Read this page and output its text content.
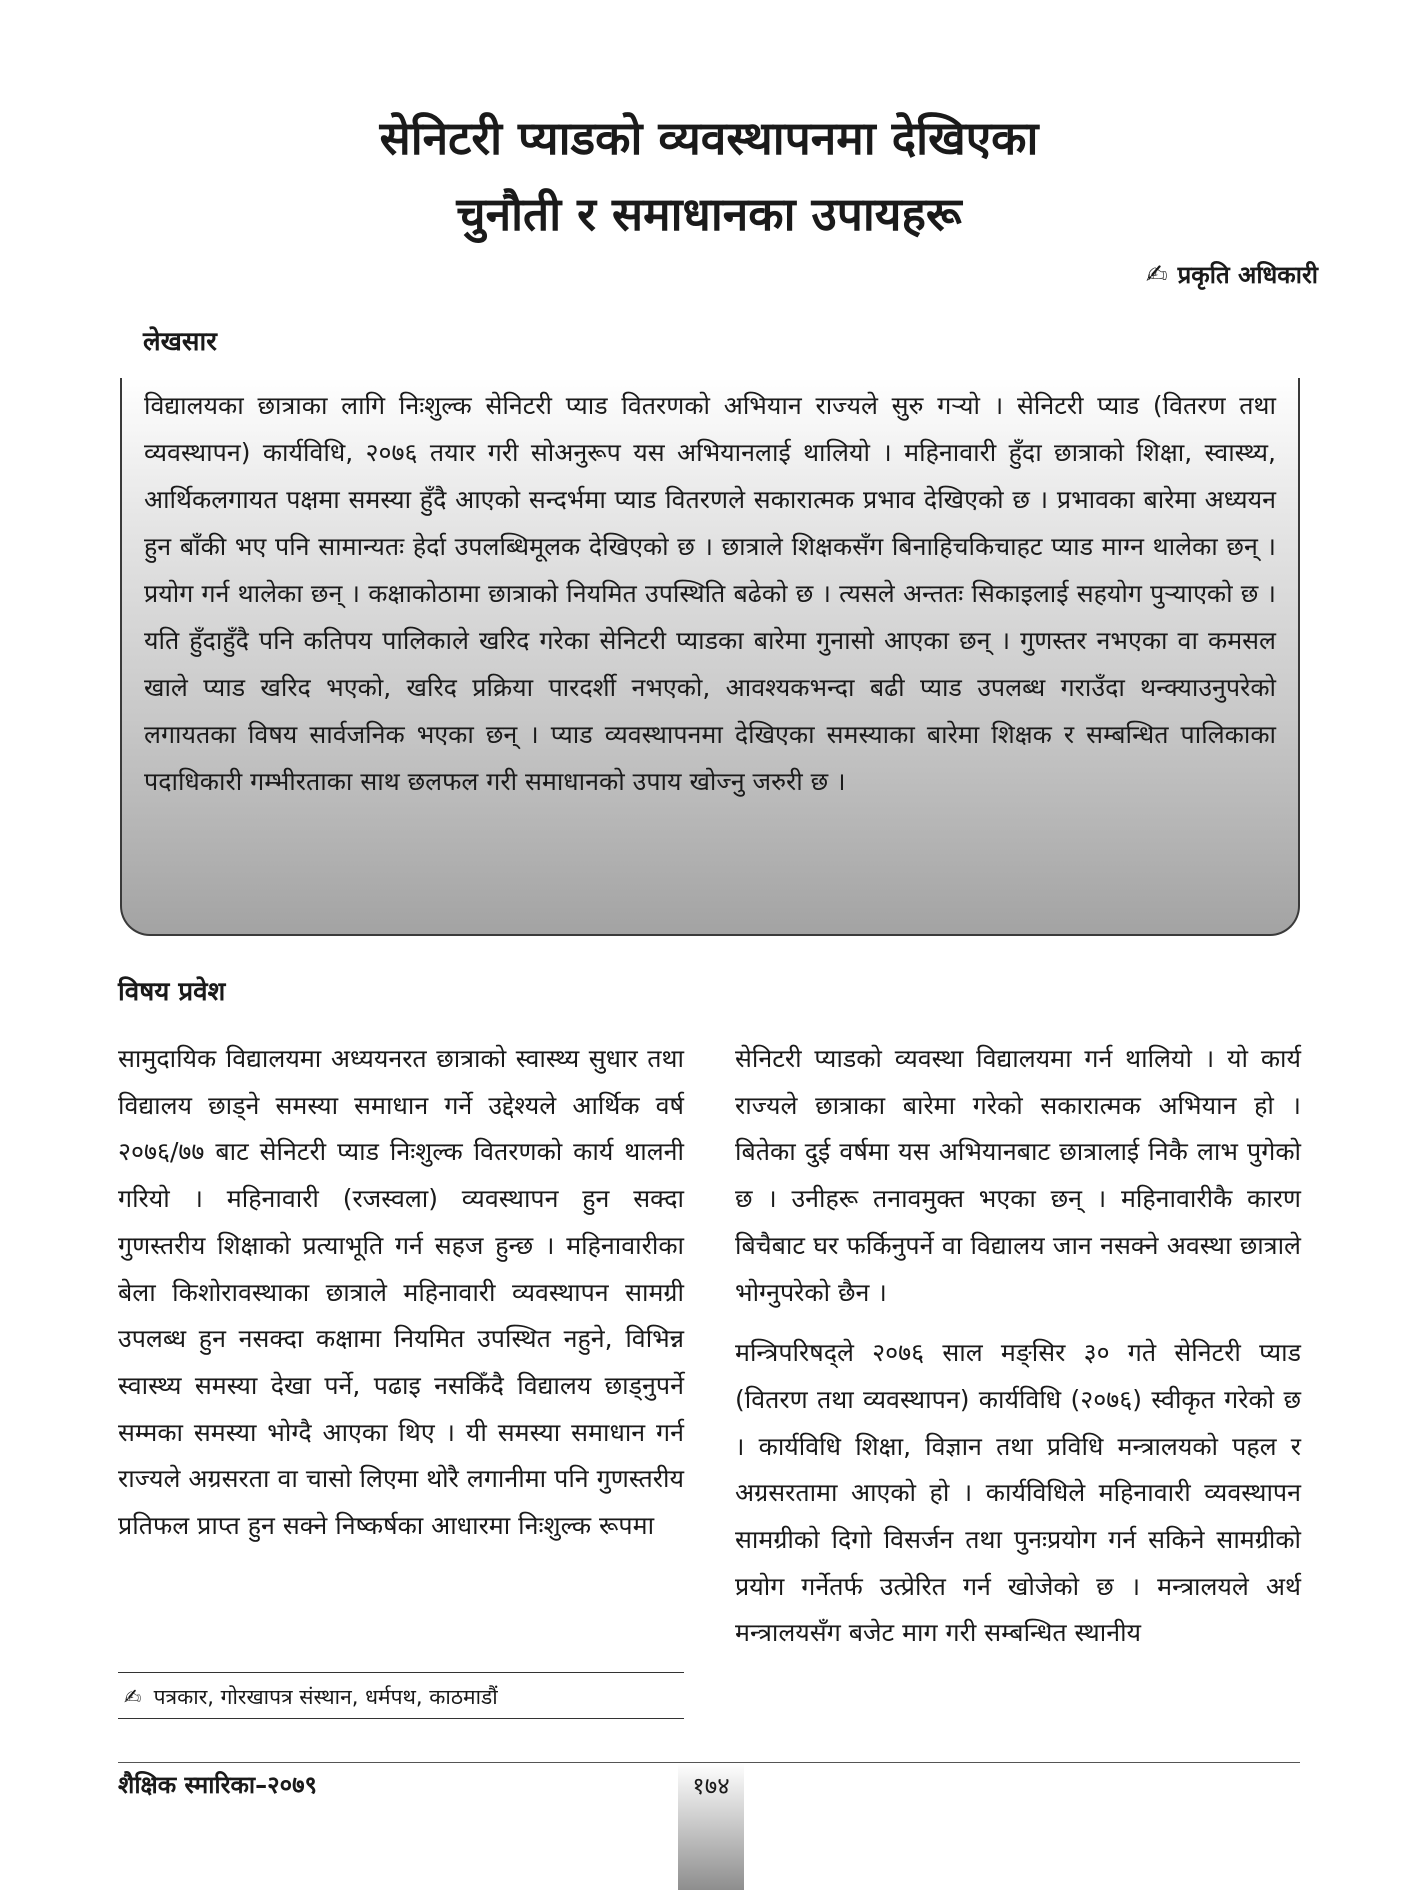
सेनिटरी प्याडको व्यवस्थापनमा देखिएका
चुनौती र समाधानका उपायहरू
✍ प्रकृति अधिकारी
लेखसार

विद्यालयका छात्राका लागि निःशुल्क सेनिटरी प्याड वितरणको अभियान राज्यले सुरु गर्‍यो । सेनिटरी प्याड (वितरण तथा व्यवस्थापन) कार्यविधि, २०७६ तयार गरी सोअनुरूप यस अभियानलाई थालियो । महिनावारी हुँदा छात्राको शिक्षा, स्वास्थ्य, आर्थिकलगायत पक्षमा समस्या हुँदै आएको सन्दर्भमा प्याड वितरणले सकारात्मक प्रभाव देखिएको छ । प्रभावका बारेमा अध्ययन हुन बाँकी भए पनि सामान्यतः हेर्दा उपलब्धिमूलक देखिएको छ । छात्राले शिक्षकसँग बिनाहिचकिचाहट प्याड माग्न थालेका छन् । प्रयोग गर्न थालेका छन् । कक्षाकोठामा छात्राको नियमित उपस्थिति बढेको छ । त्यसले अन्ततः सिकाइलाई सहयोग पुर्‍याएको छ । यति हुँदाहुँदै पनि कतिपय पालिकाले खरिद गरेका सेनिटरी प्याडका बारेमा गुनासो आएका छन् । गुणस्तर नभएका वा कमसल खाले प्याड खरिद भएको, खरिद प्रक्रिया पारदर्शी नभएको, आवश्यकभन्दा बढी प्याड उपलब्ध गराउँदा थन्क्याउनुपरेको लगायतका विषय सार्वजनिक भएका छन् । प्याड व्यवस्थापनमा देखिएका समस्याका बारेमा शिक्षक र सम्बन्धित पालिकाका पदाधिकारी गम्भीरताका साथ छलफल गरी समाधानको उपाय खोज्नु जरुरी छ ।

विषय प्रवेश

सामुदायिक विद्यालयमा अध्ययनरत छात्राको स्वास्थ्य सुधार तथा विद्यालय छाड्ने समस्या समाधान गर्ने उद्देश्यले आर्थिक वर्ष २०७६/७७ बाट सेनिटरी प्याड निःशुल्क वितरणको कार्य थालनी गरियो । महिनावारी (रजस्वला) व्यवस्थापन हुन सक्दा गुणस्तरीय शिक्षाको प्रत्याभूति गर्न सहज हुन्छ । महिनावारीका बेला किशोरावस्थाका छात्राले महिनावारी व्यवस्थापन सामग्री उपलब्ध हुन नसक्दा कक्षामा नियमित उपस्थित नहुने, विभिन्न स्वास्थ्य समस्या देखा पर्ने, पढाइ नसकिँदै विद्यालय छाड्नुपर्ने सम्मका समस्या भोग्दै आएका थिए । यी समस्या समाधान गर्न राज्यले अग्रसरता वा चासो लिएमा थोरै लगानीमा पनि गुणस्तरीय प्रतिफल प्राप्त हुन सक्ने निष्कर्षका आधारमा निःशुल्क रूपमा

सेनिटरी प्याडको व्यवस्था विद्यालयमा गर्न थालियो । यो कार्य राज्यले छात्राका बारेमा गरेको सकारात्मक अभियान हो । बितेका दुई वर्षमा यस अभियानबाट छात्रालाई निकै लाभ पुगेको छ । उनीहरू तनावमुक्त भएका छन् । महिनावारीकै कारण बिचैबाट घर फर्किनुपर्ने वा विद्यालय जान नसक्ने अवस्था छात्राले भोग्नुपरेको छैन ।

मन्त्रिपरिषद्ले २०७६ साल मङ्सिर ३० गते सेनिटरी प्याड (वितरण तथा व्यवस्थापन) कार्यविधि (२०७६) स्वीकृत गरेको छ । कार्यविधि शिक्षा, विज्ञान तथा प्रविधि मन्त्रालयको पहल र अग्रसरतामा आएको हो । कार्यविधिले महिनावारी व्यवस्थापन सामग्रीको दिगो विसर्जन तथा पुनःप्रयोग गर्न सकिने सामग्रीको प्रयोग गर्नेतर्फ उत्प्रेरित गर्न खोजेको छ । मन्त्रालयले अर्थ मन्त्रालयसँग बजेट माग गरी सम्बन्धित स्थानीय

✍ पत्रकार, गोरखापत्र संस्थान, धर्मपथ, काठमाडौं
शैक्षिक स्मारिका–२०७९	१७४
